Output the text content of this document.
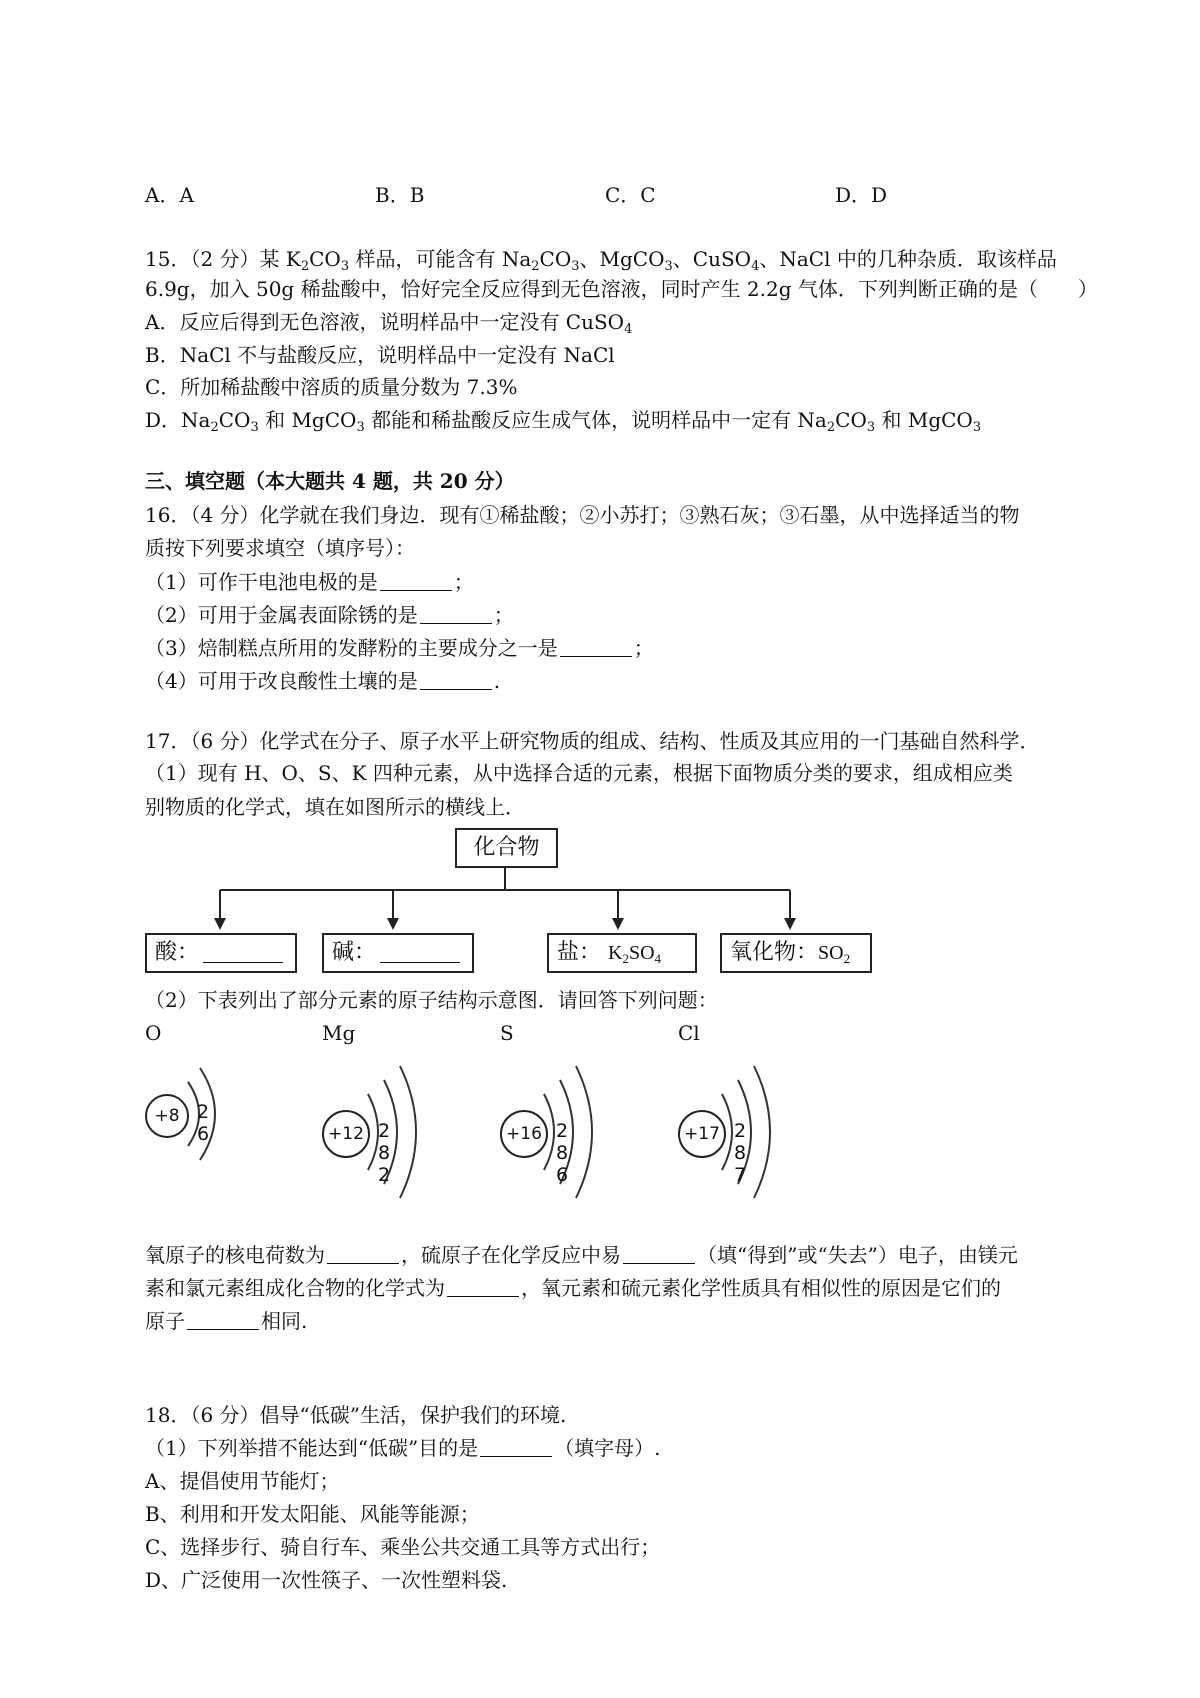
A．A	B．B	C．C	D．D
15．（2 分）某 $K_2CO_3$ 样品，可能含有 $Na_2CO_3$、MgCO$_3$、CuSO$_4$、NaCl 中的几种杂质．取该样品
6.9g，加入 50g 稀盐酸中，恰好完全反应得到无色溶液，同时产生 2.2g 气体．下列判断正确的是（　　）
A．反应后得到无色溶液，说明样品中一定没有 CuSO$_4$
B．NaCl 不与盐酸反应，说明样品中一定没有 NaCl
C．所加稀盐酸中溶质的质量分数为 7.3%
D．$Na_2CO_3$ 和 MgCO$_3$ 都能和稀盐酸反应生成气体，说明样品中一定有 $Na_2CO_3$ 和 MgCO$_3$
三、填空题（本大题共 4 题，共 20 分）
16．（4 分）化学就在我们身边．现有①稀盐酸；②小苏打；③熟石灰；③石墨，从中选择适当的物
质按下列要求填空（填序号）：
（1）可作干电池电极的是	；
（2）可用于金属表面除锈的是	；
（3）焙制糕点所用的发酵粉的主要成分之一是	；
（4）可用于改良酸性土壤的是	.
17．（6 分）化学式在分子、原子水平上研究物质的组成、结构、性质及其应用的一门基础自然科学．
（1）现有 H、O、S、K 四种元素，从中选择合适的元素，根据下面物质分类的要求，组成相应类
别物质的化学式，填在如图所示的横线上．
化合物
酸：	碱：	盐： $K_2SO_4$	氧化物：$SO_2$
（2）下表列出了部分元素的原子结构示意图．请回答下列问题：
O	Mg	S	Cl
+8 2 6	+12 2 8 2
+16 2 8 6
+17 2 8 7
氧原子的核电荷数为	，硫原子在化学反应中易	（填“得到”或“失去”）电子，由镁元
素和氯元素组成化合物的化学式为	，氧元素和硫元素化学性质具有相似性的原因是它们的
原子	相同.
18．（6 分）倡导“低碳”生活，保护我们的环境.
（1）下列举措不能达到“低碳”目的是	（填字母）.
A、提倡使用节能灯；
B、利用和开发太阳能、风能等能源；
C、选择步行、骑自行车、乘坐公共交通工具等方式出行；
D、广泛使用一次性筷子、一次性塑料袋.
